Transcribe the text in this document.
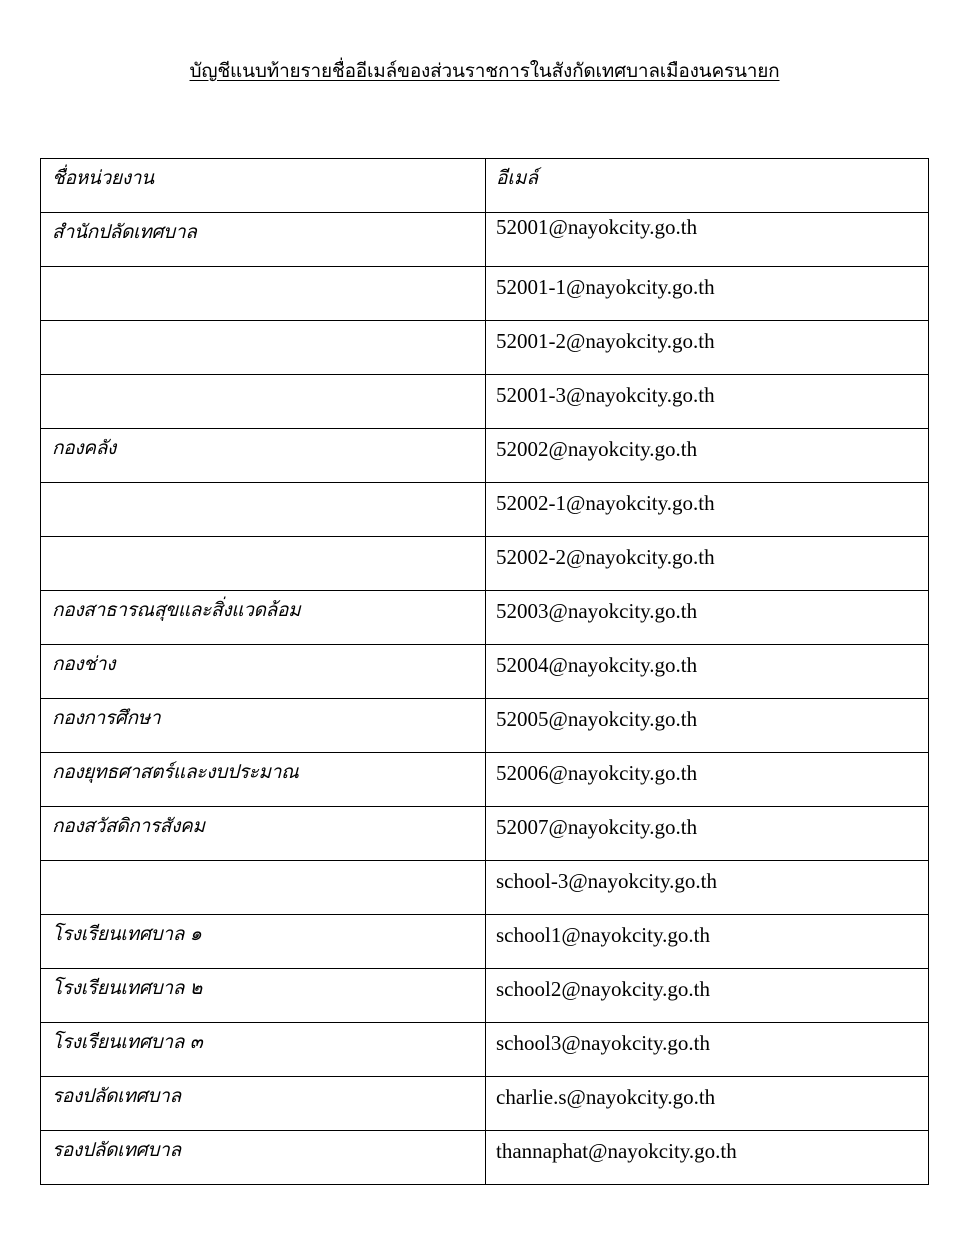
บัญชีแนบท้ายรายชื่ออีเมล์ของส่วนราชการในสังกัดเทศบาลเมืองนครนายก
ชื่อหน่วยงาน	อีเมล์

สำนักปลัดเทศบาล	52001@nayokcity.go.th

	52001-1@nayokcity.go.th

	52001-2@nayokcity.go.th

	52001-3@nayokcity.go.th

กองคลัง	52002@nayokcity.go.th

	52002-1@nayokcity.go.th

	52002-2@nayokcity.go.th

กองสาธารณสุขและสิ่งแวดล้อม	52003@nayokcity.go.th

กองช่าง	52004@nayokcity.go.th

กองการศึกษา	52005@nayokcity.go.th

กองยุทธศาสตร์และงบประมาณ	52006@nayokcity.go.th

กองสวัสดิการสังคม	52007@nayokcity.go.th

	school-3@nayokcity.go.th

โรงเรียนเทศบาล ๑	school1@nayokcity.go.th

โรงเรียนเทศบาล ๒	school2@nayokcity.go.th

โรงเรียนเทศบาล ๓	school3@nayokcity.go.th

รองปลัดเทศบาล	charlie.s@nayokcity.go.th

รองปลัดเทศบาล	thannaphat@nayokcity.go.th
